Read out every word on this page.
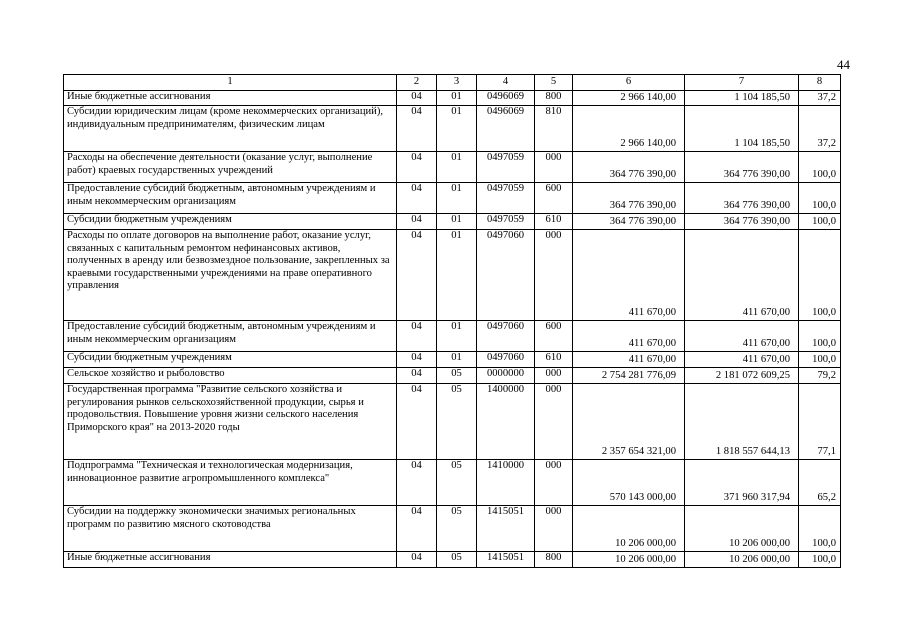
44
1	2	3	4	5	6	7	8
Иные бюджетные ассигнования	04	01	0496069	800	2 966 140,00	1 104 185,50	37,2
Субсидии юридическим лицам (кроме некоммерческих организаций), индивидуальным предпринимателям, физическим лицам	04	01	0496069	810	2 966 140,00	1 104 185,50	37,2
Расходы на обеспечение деятельности (оказание услуг, выполнение работ) краевых государственных учреждений	04	01	0497059	000	364 776 390,00	364 776 390,00	100,0
Предоставление субсидий бюджетным, автономным учреждениям и иным некоммерческим организациям	04	01	0497059	600	364 776 390,00	364 776 390,00	100,0
Субсидии бюджетным учреждениям	04	01	0497059	610	364 776 390,00	364 776 390,00	100,0
Расходы по оплате договоров на выполнение работ, оказание услуг, связанных с капитальным ремонтом нефинансовых активов, полученных в аренду или безвозмездное пользование, закрепленных за краевыми государственными учреждениями на праве оперативного управления	04	01	0497060	000	411 670,00	411 670,00	100,0
Предоставление субсидий бюджетным, автономным учреждениям и иным некоммерческим организациям	04	01	0497060	600	411 670,00	411 670,00	100,0
Субсидии бюджетным учреждениям	04	01	0497060	610	411 670,00	411 670,00	100,0
Сельское хозяйство и рыболовство	04	05	0000000	000	2 754 281 776,09	2 181 072 609,25	79,2
Государственная программа "Развитие сельского хозяйства и регулирования рынков сельскохозяйственной продукции, сырья и продовольствия. Повышение уровня жизни сельского населения Приморского края" на 2013-2020 годы	04	05	1400000	000	2 357 654 321,00	1 818 557 644,13	77,1
Подпрограмма "Техническая и технологическая модернизация, инновационное развитие агропромышленного комплекса"	04	05	1410000	000	570 143 000,00	371 960 317,94	65,2
Субсидии на поддержку экономически значимых региональных программ по развитию мясного скотоводства	04	05	1415051	000	10 206 000,00	10 206 000,00	100,0
Иные бюджетные ассигнования	04	05	1415051	800	10 206 000,00	10 206 000,00	100,0
